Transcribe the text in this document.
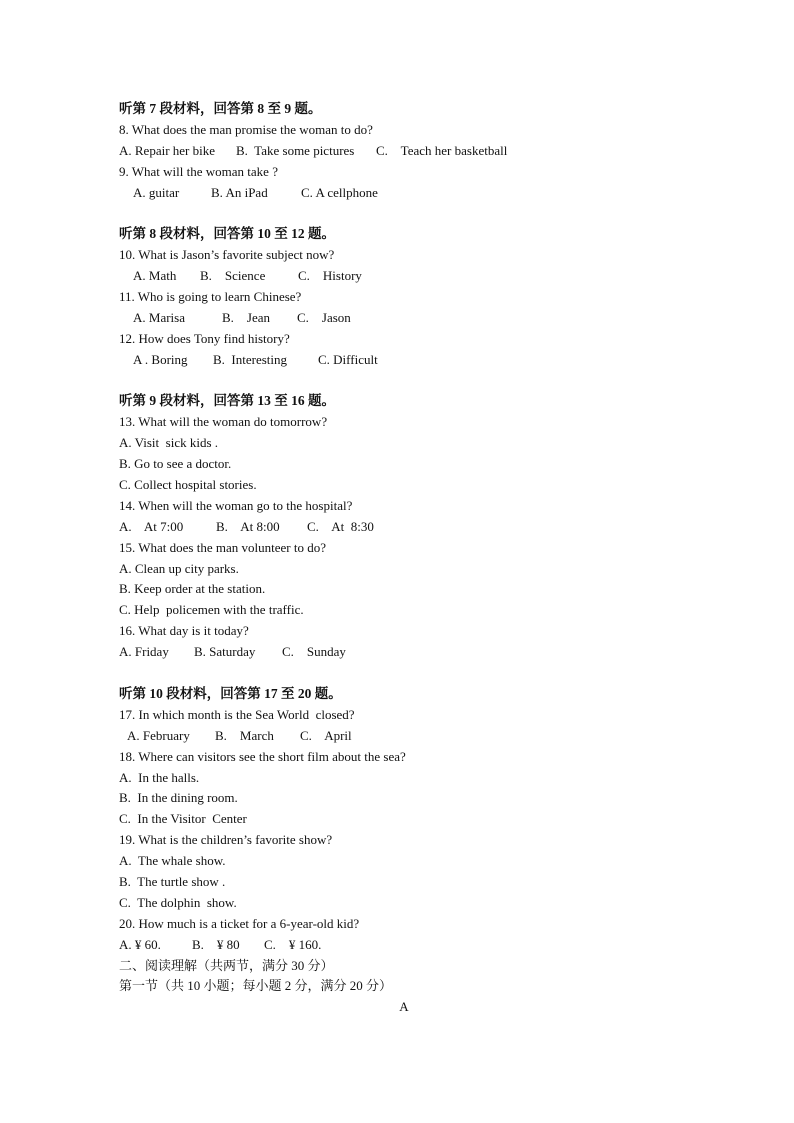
听第 7 段材料，回答第 8 至 9 题。
8. What does the man promise the woman to do?
A. Repair her bike B.  Take some pictures C.    Teach her basketball
9. What will the woman take ?
A. guitar B. An iPad	C. A cellphone
听第 8 段材料，回答第 10 至 12 题。
10. What is Jason’s favorite subject now?
A. Math B.    Science	C.    History
11. Who is going to learn Chinese?
A. Marisa	B.    Jean C.    Jason
12. How does Tony find history?
A . Boring B.  Interesting C. Difficult
听第 9 段材料，回答第 13 至 16 题。
13. What will the woman do tomorrow?
A. Visit  sick kids .
B. Go to see a doctor.
C. Collect hospital stories.
14. When will the woman go to the hospital?
A.    At 7:00	B.    At 8:00 C.    At  8:30
15. What does the man volunteer to do?
A. Clean up city parks.
B. Keep order at the station.
C. Help  policemen with the traffic.
16. What day is it today?
A. Friday B. Saturday C.    Sunday
听第 10 段材料，回答第 17 至 20 题。
17. In which month is the Sea World  closed?
A. February B.    March C.    April
18. Where can visitors see the short film about the sea?
A.  In the halls.
B.  In the dining room.
C.  In the Visitor  Center
19. What is the children’s favorite show?
A.  The whale show.
B.  The turtle show .
C.  The dolphin  show.
20. How much is a ticket for a 6-year-old kid?
A. ¥ 60. B.    ¥ 80 C.    ¥ 160.
二、阅读理解（共两节，满分 30 分）
第一节（共 10 小题；每小题 2 分，满分 20 分）
A
